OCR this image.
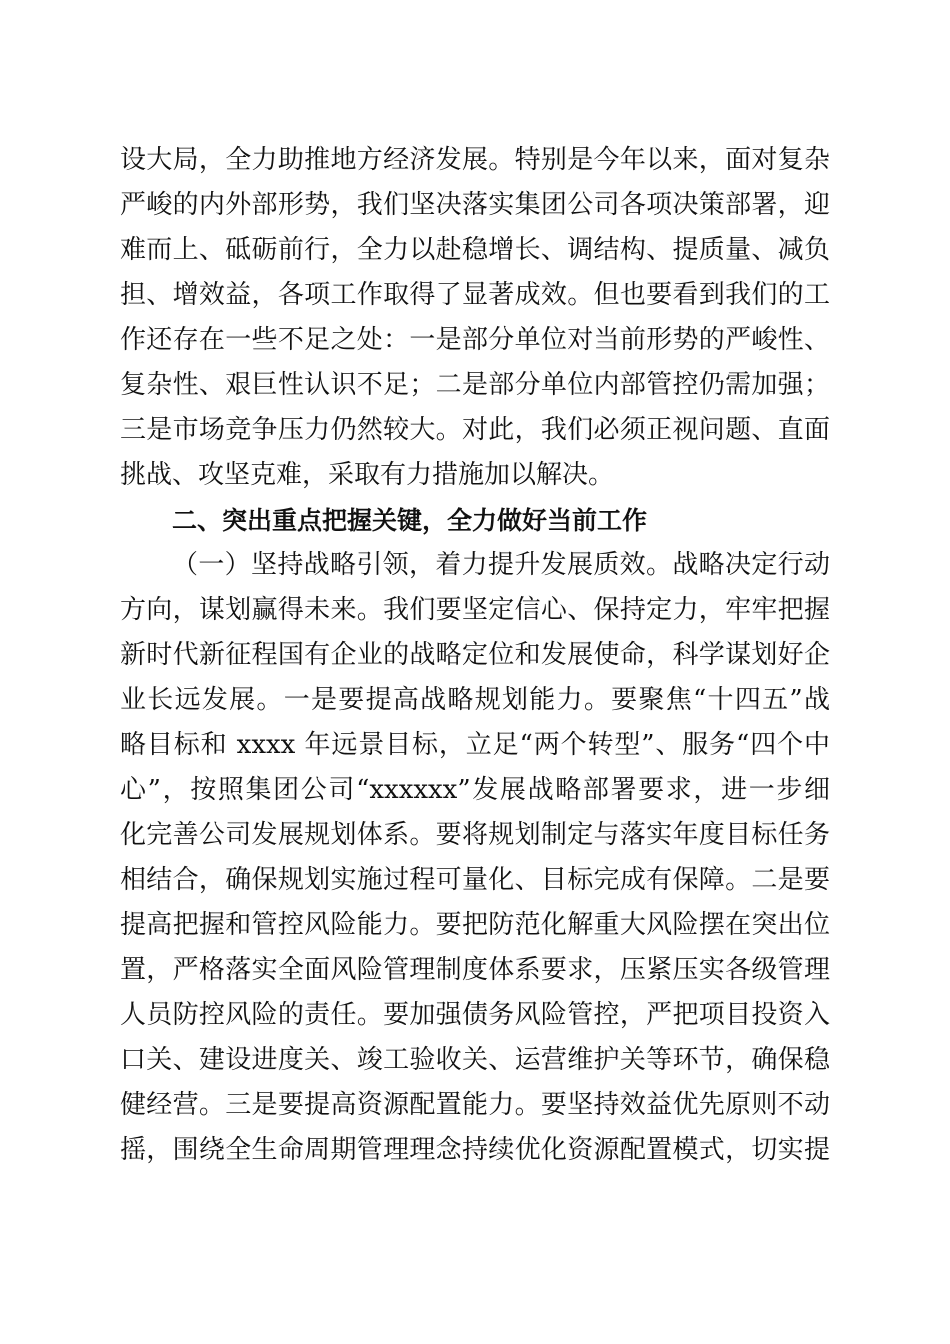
设大局，全力助推地方经济发展。特别是今年以来，面对复杂
严峻的内外部形势，我们坚决落实集团公司各项决策部署，迎
难而上、砥砺前行，全力以赴稳增长、调结构、提质量、减负
担、增效益，各项工作取得了显著成效。但也要看到我们的工
作还存在一些不足之处：一是部分单位对当前形势的严峻性、
复杂性、艰巨性认识不足；二是部分单位内部管控仍需加强；
三是市场竞争压力仍然较大。对此，我们必须正视问题、直面
挑战、攻坚克难，采取有力措施加以解决。
二、突出重点把握关键，全力做好当前工作
（一）坚持战略引领，着力提升发展质效。战略决定行动
方向，谋划赢得未来。我们要坚定信心、保持定力，牢牢把握
新时代新征程国有企业的战略定位和发展使命，科学谋划好企
业长远发展。一是要提高战略规划能力。要聚焦“十四五”战
略目标和 xxxx 年远景目标，立足“两个转型”、服务“四个中
心”，按照集团公司“xxxxxx”发展战略部署要求，进一步细
化完善公司发展规划体系。要将规划制定与落实年度目标任务
相结合，确保规划实施过程可量化、目标完成有保障。二是要
提高把握和管控风险能力。要把防范化解重大风险摆在突出位
置，严格落实全面风险管理制度体系要求，压紧压实各级管理
人员防控风险的责任。要加强债务风险管控，严把项目投资入
口关、建设进度关、竣工验收关、运营维护关等环节，确保稳
健经营。三是要提高资源配置能力。要坚持效益优先原则不动
摇，围绕全生命周期管理理念持续优化资源配置模式，切实提
